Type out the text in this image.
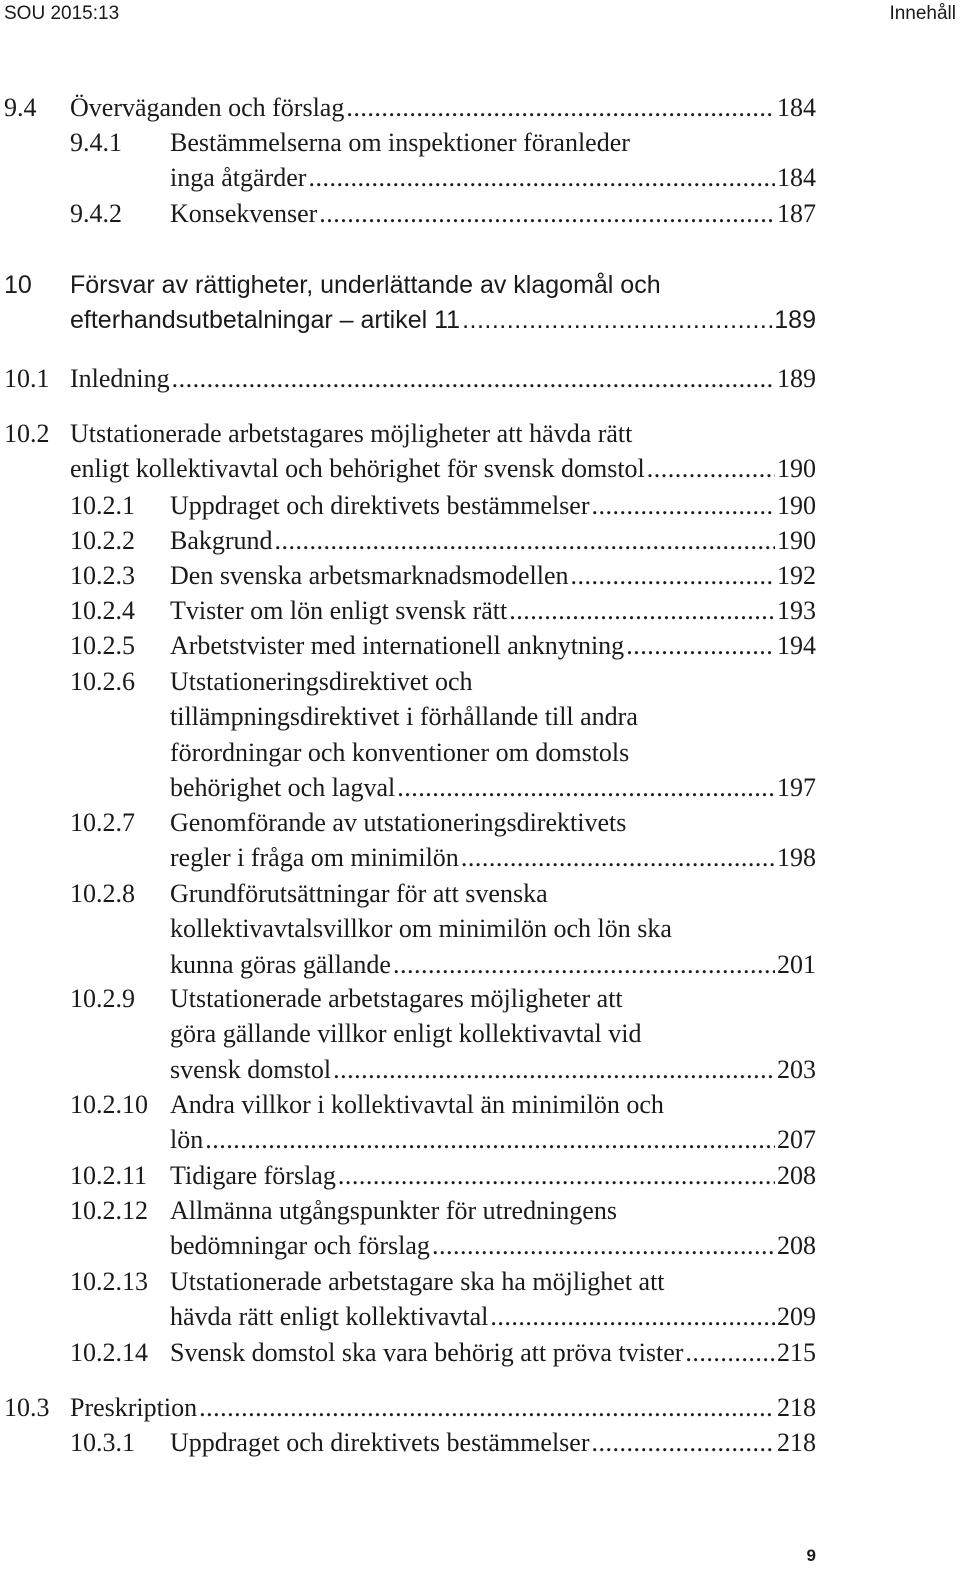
SOU 2015:13	Innehåll
9.4 Överväganden och förslag .....	184
9.4.1 Bestämmelserna om inspektioner föranleder
inga åtgärder .....	184
9.4.2 Konsekvenser .....	187
10 Försvar av rättigheter, underlättande av klagomål och
efterhandsutbetalningar – artikel 11 .....	189
10.1 Inledning .....	189
10.2 Utstationerade arbetstagares möjligheter att hävda rätt
enligt kollektivavtal och behörighet för svensk domstol .....	190
10.2.1 Uppdraget och direktivets bestämmelser .....	190
10.2.2 Bakgrund .....	190
10.2.3 Den svenska arbetsmarknadsmodellen .....	192
10.2.4 Tvister om lön enligt svensk rätt .....	193
10.2.5 Arbetstvister med internationell anknytning .....	194
10.2.6 Utstationeringsdirektivet och
tillämpningsdirektivet i förhållande till andra
förordningar och konventioner om domstols
behörighet och lagval .....	197
10.2.7 Genomförande av utstationeringsdirektivets
regler i fråga om minimilön .....	198
10.2.8 Grundförutsättningar för att svenska
kollektivavtalsvillkor om minimilön och lön ska
kunna göras gällande .....	201
10.2.9 Utstationerade arbetstagares möjligheter att
göra gällande villkor enligt kollektivavtal vid
svensk domstol .....	203
10.2.10 Andra villkor i kollektivavtal än minimilön och
lön .....	207
10.2.11 Tidigare förslag .....	208
10.2.12 Allmänna utgångspunkter för utredningens
bedömningar och förslag .....	208
10.2.13 Utstationerade arbetstagare ska ha möjlighet att
hävda rätt enligt kollektivavtal .....	209
10.2.14 Svensk domstol ska vara behörig att pröva tvister .....	215
10.3 Preskription .....	218
10.3.1 Uppdraget och direktivets bestämmelser .....	218
9
